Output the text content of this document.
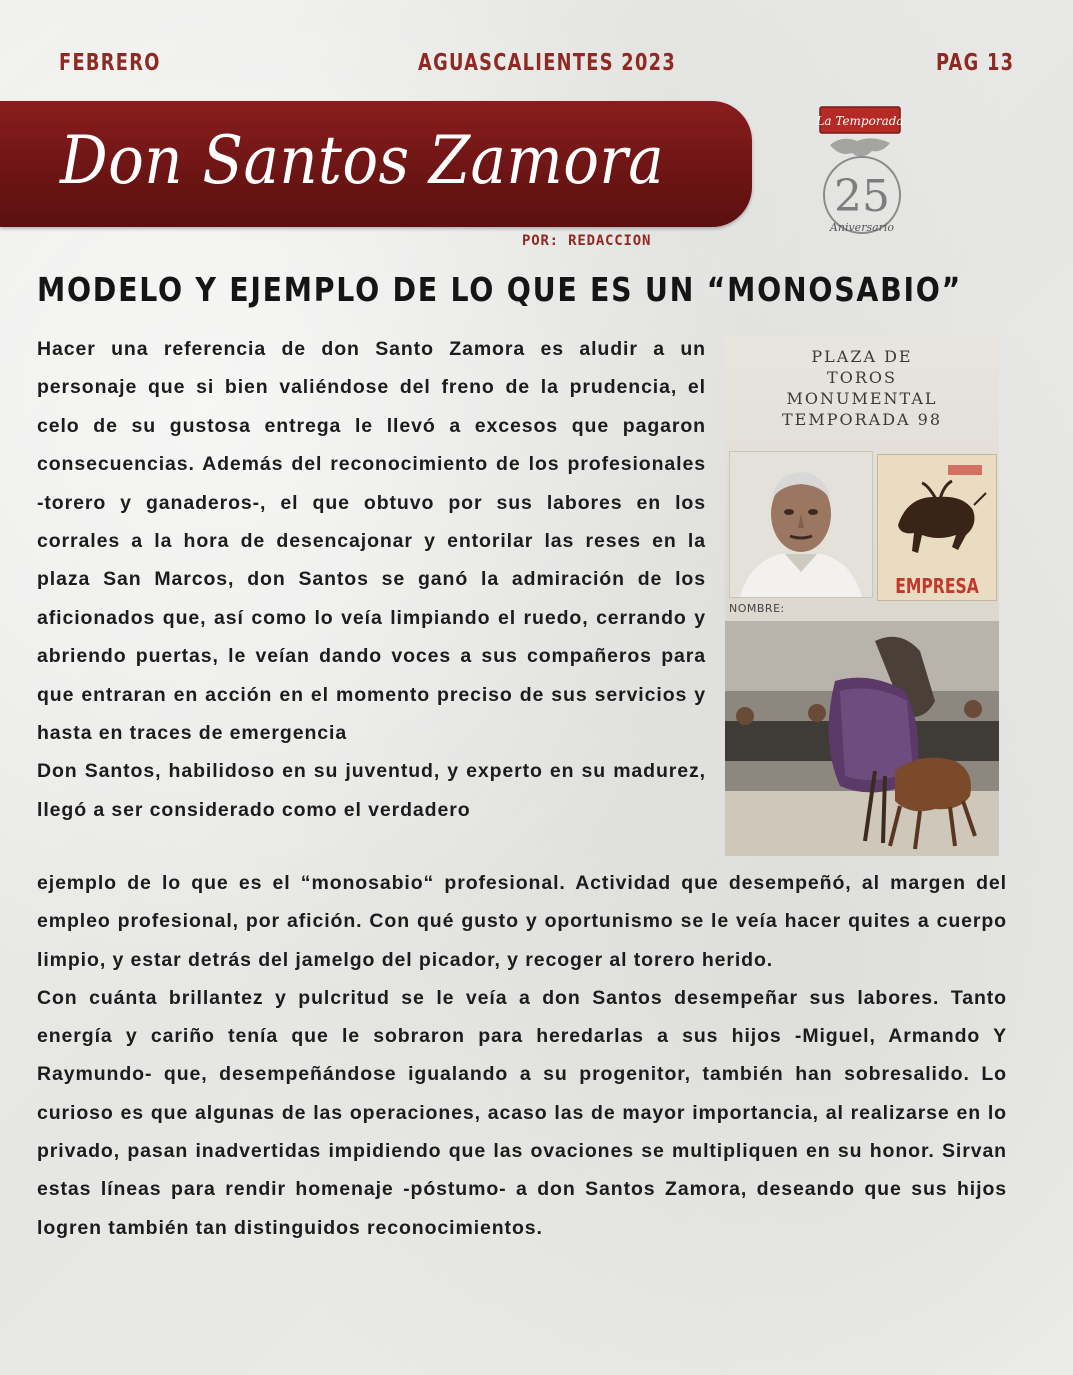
FEBRERO	AGUASCALIENTES 2023	PAG 13
Don Santos Zamora
La Temporada
25
Aniversario
POR: REDACCION
MODELO Y EJEMPLO DE LO QUE ES UN “MONOSABIO”

Hacer una referencia de don Santo Zamora es aludir a un personaje que si bien valiéndose del freno de la prudencia, el celo de su gustosa entrega le llevó a excesos que pagaron consecuencias. Además del reconocimiento de los profesionales -torero y ganaderos-, el que obtuvo por sus labores en los corrales a la hora de desencajonar y entorilar las reses en la plaza San Marcos, don Santos se ganó la admiración de los aficionados que, así como lo veía limpiando el ruedo, cerrando y abriendo puertas, le veían dando voces a sus compañeros para que entraran en acción en el momento preciso de sus servicios y hasta en traces de emergencia

Don Santos, habilidoso en su juventud, y experto en su madurez, llegó a ser considerado como el verdadero

PLAZA DE
TOROS
MONUMENTAL
TEMPORADA 98
EMPRESA
NOMBRE:

ejemplo de lo que es el “monosabio“ profesional. Actividad que desempeñó, al margen del empleo profesional, por afición. Con qué gusto y oportunismo se le veía hacer quites a cuerpo limpio, y estar detrás del jamelgo del picador, y recoger al torero herido.

Con cuánta brillantez y pulcritud se le veía a don Santos desempeñar sus labores. Tanto energía y cariño tenía que le sobraron para heredarlas a sus hijos -Miguel, Armando Y Raymundo- que, desempeñándose igualando a su progenitor, también han sobresalido. Lo curioso es que algunas de las operaciones, acaso las de mayor importancia, al realizarse en lo privado, pasan inadvertidas impidiendo que las ovaciones se multipliquen en su honor. Sirvan estas líneas para rendir homenaje -póstumo- a don Santos Zamora, deseando que sus hijos logren también tan distinguidos reconocimientos.
